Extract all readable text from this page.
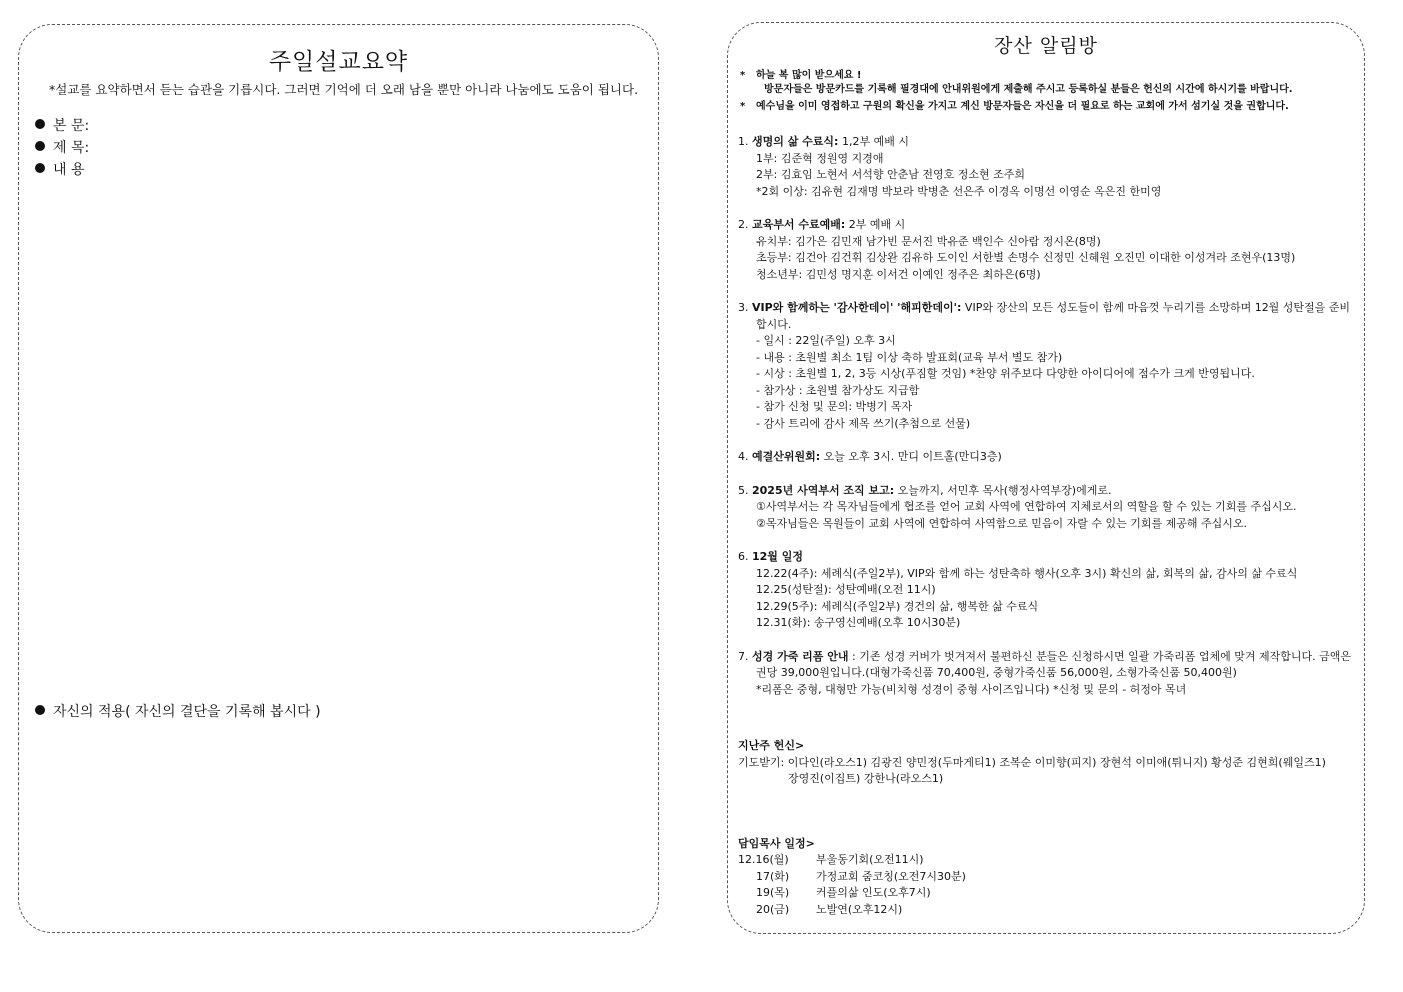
주일설교요약
*설교를 요약하면서 듣는 습관을 기릅시다. 그러면 기억에 더 오래 남을 뿐만 아니라 나눔에도 도움이 됩니다.
본 문:
제 목:
내 용
자신의 적용( 자신의 결단을 기록해 봅시다 )
장산 알림방
* 하늘 복 많이 받으세요 !
방문자들은 방문카드를 기록해 필경대에 안내위원에게 제출해 주시고 등록하실 분들은 헌신의 시간에 하시기를 바랍니다.
* 예수님을 이미 영접하고 구원의 확신을 가지고 계신 방문자들은 자신을 더 필요로 하는 교회에 가서 섬기실 것을 권합니다.
1. 생명의 삶 수료식: 1,2부 예배 시
1부: 김준혁 정원영 지경애
2부: 김효임 노현서 서석향 안춘남 전영호 정소현 조주희
*2회 이상: 김유현 김재명 박보라 박병춘 선은주 이경옥 이명선 이영순 옥은진 한미영
2. 교육부서 수료예배: 2부 예배 시
유치부: 김가은 김민재 남가빈 문서진 박유준 백인수 신아람 정시온(8명)
초등부: 김건아 김건휘 김상완 김유하 도이인 서한별 손명수 신정민 신혜원 오진민 이대한 이성겨라 조현우(13명)
청소년부: 김민성 명지훈 이서건 이예인 정주은 최하은(6명)
3. VIP와 함께하는 '감사한데이' '해피한데이': VIP와 장산의 모든 성도들이 함께 마음껏 누리기를 소망하며 12월 성탄절을 준비합시다.
- 일시 : 22일(주일) 오후 3시
- 내용 : 초원별 최소 1팀 이상 축하 발표회(교육 부서 별도 참가)
- 시상 : 초원별 1, 2, 3등 시상(푸짐할 것임) *찬양 위주보다 다양한 아이디어에 점수가 크게 반영됩니다.
- 참가상 : 초원별 참가상도 지급함
- 참가 신청 및 문의: 박병기 목자
- 감사 트리에 감사 제목 쓰기(추첨으로 선물)
4. 예결산위원회: 오늘 오후 3시. 만디 이트홀(만디3층)
5. 2025년 사역부서 조직 보고: 오늘까지, 서민후 목사(행정사역부장)에게로.
①사역부서는 각 목자님들에게 협조를 얻어 교회 사역에 연합하여 지체로서의 역할을 할 수 있는 기회를 주십시오.
②목자님들은 목원들이 교회 사역에 연합하여 사역함으로 믿음이 자랄 수 있는 기회를 제공해 주십시오.
6. 12월 일정
12.22(4주): 세례식(주일2부), VIP와 함께 하는 성탄축하 행사(오후 3시) 확신의 삶, 회복의 삶, 감사의 삶 수료식
12.25(성탄절): 성탄예배(오전 11시)
12.29(5주): 세례식(주일2부) 경건의 삶, 행복한 삶 수료식
12.31(화): 송구영신예배(오후 10시30분)
7. 성경 가죽 리폼 안내 : 기존 성경 커버가 벗겨져서 불편하신 분들은 신청하시면 일괄 가죽리폼 업체에 맞겨 제작합니다. 금액은 권당 39,000원입니다.(대형가죽신품 70,400원, 중형가죽신품 56,000원, 소형가죽신품 50,400원)
*리폼은 중형, 대형만 가능(비치형 성경이 중형 사이즈입니다) *신청 및 문의 - 허정아 목녀
지난주 헌신>
기도받기: 이다인(라오스1) 김광진 양민정(두마게티1) 조복순 이미향(피지) 장현석 이미애(튀니지) 황성준 김현희(웨일즈1)
장영진(이집트) 강한나(라오스1)
담임목사 일정>
12.16(월) 부울동기회(오전11시)
17(화) 가정교회 줌코칭(오전7시30분)
19(목) 커플의삶 인도(오후7시)
20(금) 노발연(오후12시)
